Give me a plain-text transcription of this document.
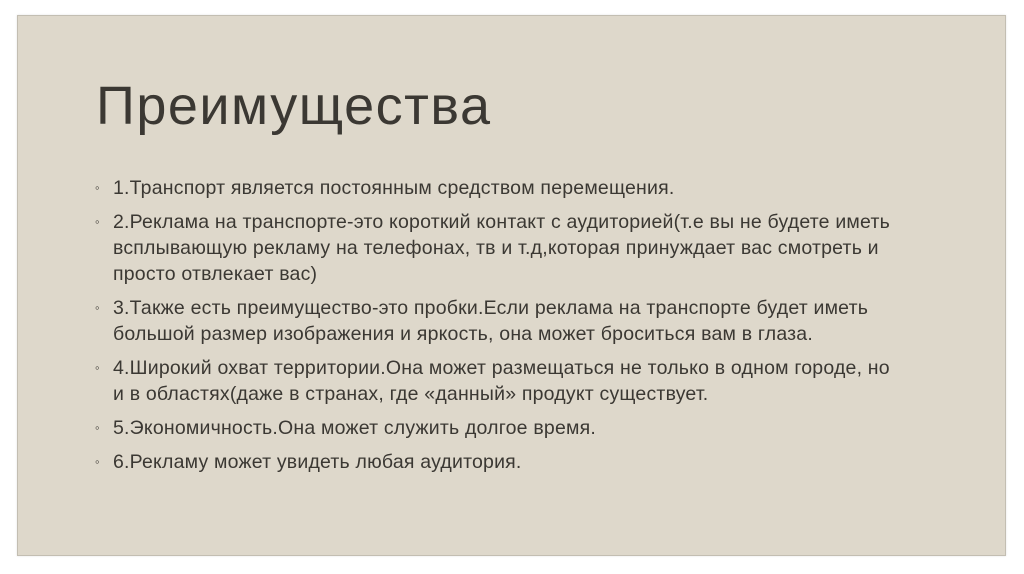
Преимущества
◦ 1.Транспорт является постоянным средством перемещения.
◦ 2.Реклама на транспорте-это короткий контакт с аудиторией(т.е вы не будете иметь всплывающую рекламу на телефонах, тв и т.д,которая принуждает вас смотреть и просто отвлекает вас)
◦ 3.Также есть преимущество-это пробки.Если реклама на транспорте будет иметь большой размер изображения и яркость, она может броситься вам в глаза.
◦ 4.Широкий охват территории.Она может размещаться не только в одном городе, но и в областях(даже в странах, где «данный» продукт существует.
◦ 5.Экономичность.Она может служить долгое время.
◦ 6.Рекламу может увидеть любая аудитория.
